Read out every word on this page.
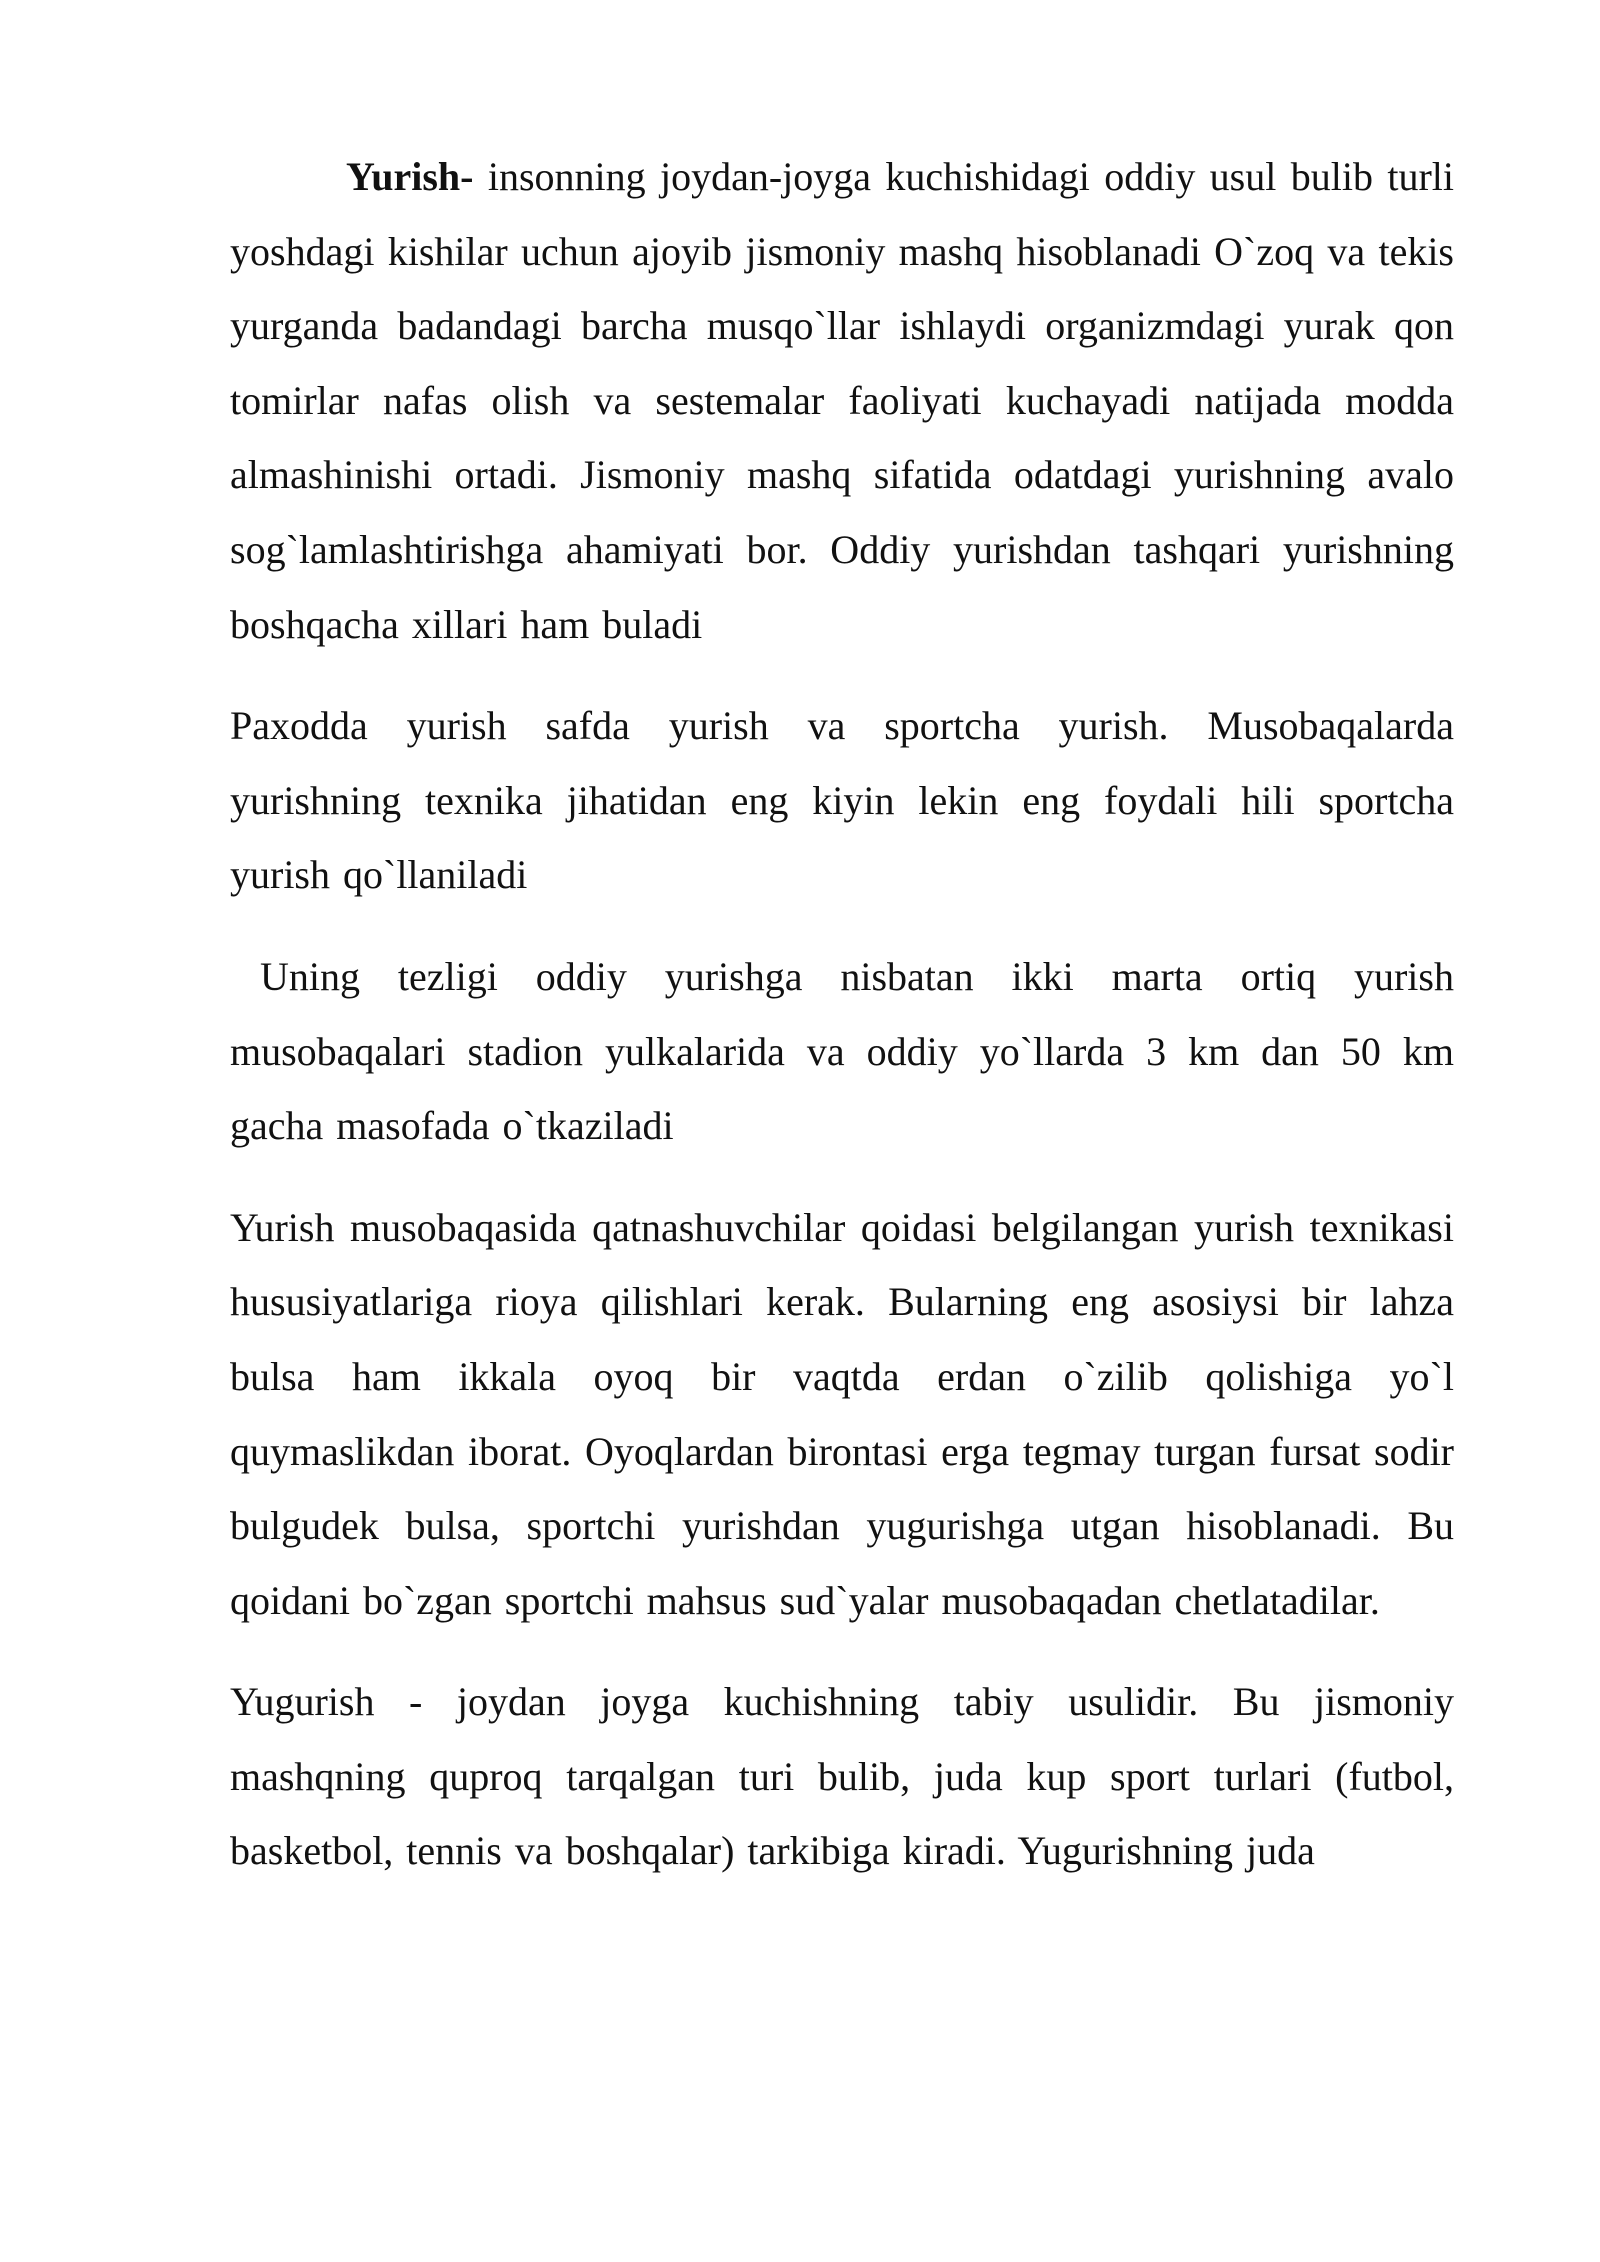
Yurish- insonning joydan-joyga kuchishidagi oddiy usul bulib turli yoshdagi kishilar uchun ajoyib jismoniy mashq hisoblanadi O`zoq va tekis yurganda badandagi barcha musqo`llar ishlaydi organizmdagi yurak qon tomirlar nafas olish va sestemalar faoliyati kuchayadi natijada modda almashinishi ortadi. Jismoniy mashq sifatida odatdagi yurishning avalo sog`lamlashtirishga ahamiyati bor. Oddiy yurishdan tashqari yurishning boshqacha xillari ham buladi

Paxodda yurish safda yurish va sportcha yurish. Musobaqalarda yurishning texnika jihatidan eng kiyin lekin eng foydali hili sportcha yurish qo`llaniladi

Uning tezligi oddiy yurishga nisbatan ikki marta ortiq yurish musobaqalari stadion yulkalarida va oddiy yo`llarda 3 km dan 50 km gacha masofada o`tkaziladi

Yurish musobaqasida qatnashuvchilar qoidasi belgilangan yurish texnikasi hususiyatlariga rioya qilishlari kerak. Bularning eng asosiysi bir lahza bulsa ham ikkala oyoq bir vaqtda erdan o`zilib qolishiga yo`l quymaslikdan iborat. Oyoqlardan birontasi erga tegmay turgan fursat sodir bulgudek bulsa, sportchi yurishdan yugurishga utgan hisoblanadi. Bu qoidani bo`zgan sportchi mahsus sud`yalar musobaqadan chetlatadilar.

Yugurish - joydan joyga kuchishning tabiy usulidir. Bu jismoniy mashqning quproq tarqalgan turi bulib, juda kup sport turlari (futbol, basketbol, tennis va boshqalar) tarkibiga kiradi. Yugurishning juda
